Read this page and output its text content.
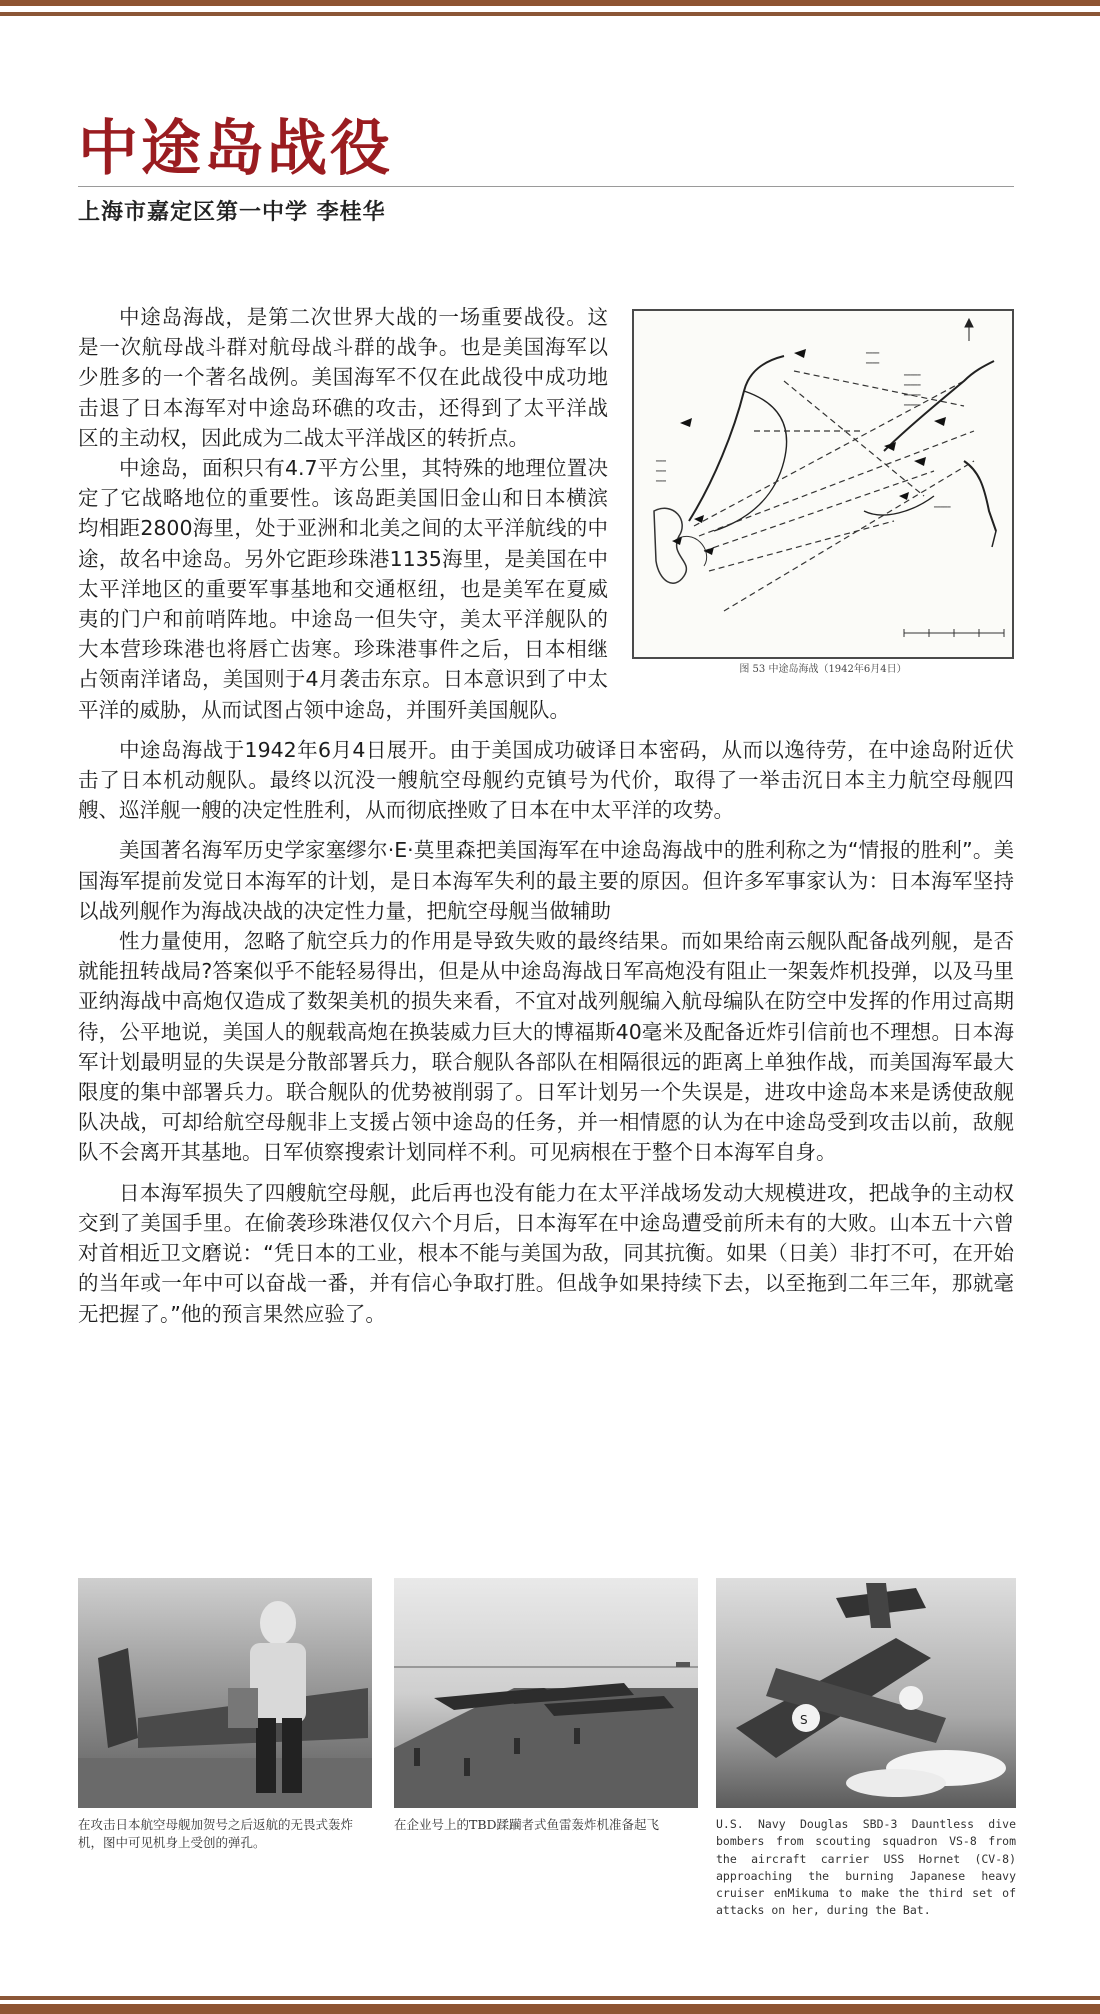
中途岛战役
上海市嘉定区第一中学 李桂华
═══
═══
═══
═════
═════
═════
═════
═════
════
════
图 53 中途岛海战（1942年6月4日）

中途岛海战，是第二次世界大战的一场重要战役。这是一次航母战斗群对航母战斗群的战争。也是美国海军以少胜多的一个著名战例。美国海军不仅在此战役中成功地击退了日本海军对中途岛环礁的攻击，还得到了太平洋战区的主动权，因此成为二战太平洋战区的转折点。

中途岛，面积只有4.7平方公里，其特殊的地理位置决定了它战略地位的重要性。该岛距美国旧金山和日本横滨均相距2800海里，处于亚洲和北美之间的太平洋航线的中途，故名中途岛。另外它距珍珠港1135海里，是美国在中太平洋地区的重要军事基地和交通枢纽，也是美军在夏威夷的门户和前哨阵地。中途岛一但失守，美太平洋舰队的大本营珍珠港也将唇亡齿寒。珍珠港事件之后，日本相继占领南洋诸岛，美国则于4月袭击东京。日本意识到了中太平洋的威胁，从而试图占领中途岛，并围歼美国舰队。

中途岛海战于1942年6月4日展开。由于美国成功破译日本密码，从而以逸待劳，在中途岛附近伏击了日本机动舰队。最终以沉没一艘航空母舰约克镇号为代价，取得了一举击沉日本主力航空母舰四艘、巡洋舰一艘的决定性胜利，从而彻底挫败了日本在中太平洋的攻势。

美国著名海军历史学家塞缪尔·E·莫里森把美国海军在中途岛海战中的胜利称之为“情报的胜利”。美国海军提前发觉日本海军的计划，是日本海军失利的最主要的原因。但许多军事家认为：日本海军坚持以战列舰作为海战决战的决定性力量，把航空母舰当做辅助

性力量使用，忽略了航空兵力的作用是导致失败的最终结果。而如果给南云舰队配备战列舰，是否就能扭转战局?答案似乎不能轻易得出，但是从中途岛海战日军高炮没有阻止一架轰炸机投弹，以及马里亚纳海战中高炮仅造成了数架美机的损失来看，不宜对战列舰编入航母编队在防空中发挥的作用过高期待，公平地说，美国人的舰载高炮在换装威力巨大的博福斯40毫米及配备近炸引信前也不理想。日本海军计划最明显的失误是分散部署兵力，联合舰队各部队在相隔很远的距离上单独作战，而美国海军最大限度的集中部署兵力。联合舰队的优势被削弱了。日军计划另一个失误是，进攻中途岛本来是诱使敌舰队决战，可却给航空母舰非上支援占领中途岛的任务，并一相情愿的认为在中途岛受到攻击以前，敌舰队不会离开其基地。日军侦察搜索计划同样不利。可见病根在于整个日本海军自身。

日本海军损失了四艘航空母舰，此后再也没有能力在太平洋战场发动大规模进攻，把战争的主动权交到了美国手里。在偷袭珍珠港仅仅六个月后，日本海军在中途岛遭受前所未有的大败。山本五十六曾对首相近卫文磨说：“凭日本的工业，根本不能与美国为敌，同其抗衡。如果（日美）非打不可，在开始的当年或一年中可以奋战一番，并有信心争取打胜。但战争如果持续下去，以至拖到二年三年，那就毫无把握了。”他的预言果然应验了。

S
在攻击日本航空母舰加贺号之后返航的无畏式轰炸机，图中可见机身上受创的弹孔。
在企业号上的TBD蹂躏者式鱼雷轰炸机准备起飞	U.S. Navy Douglas SBD-3 Dauntless dive bombers from scouting squadron VS-8 from the aircraft carrier USS Hornet (CV-8) approaching the burning Japanese heavy cruiser enMikuma to make the third set of attacks on her, during the Bat.
